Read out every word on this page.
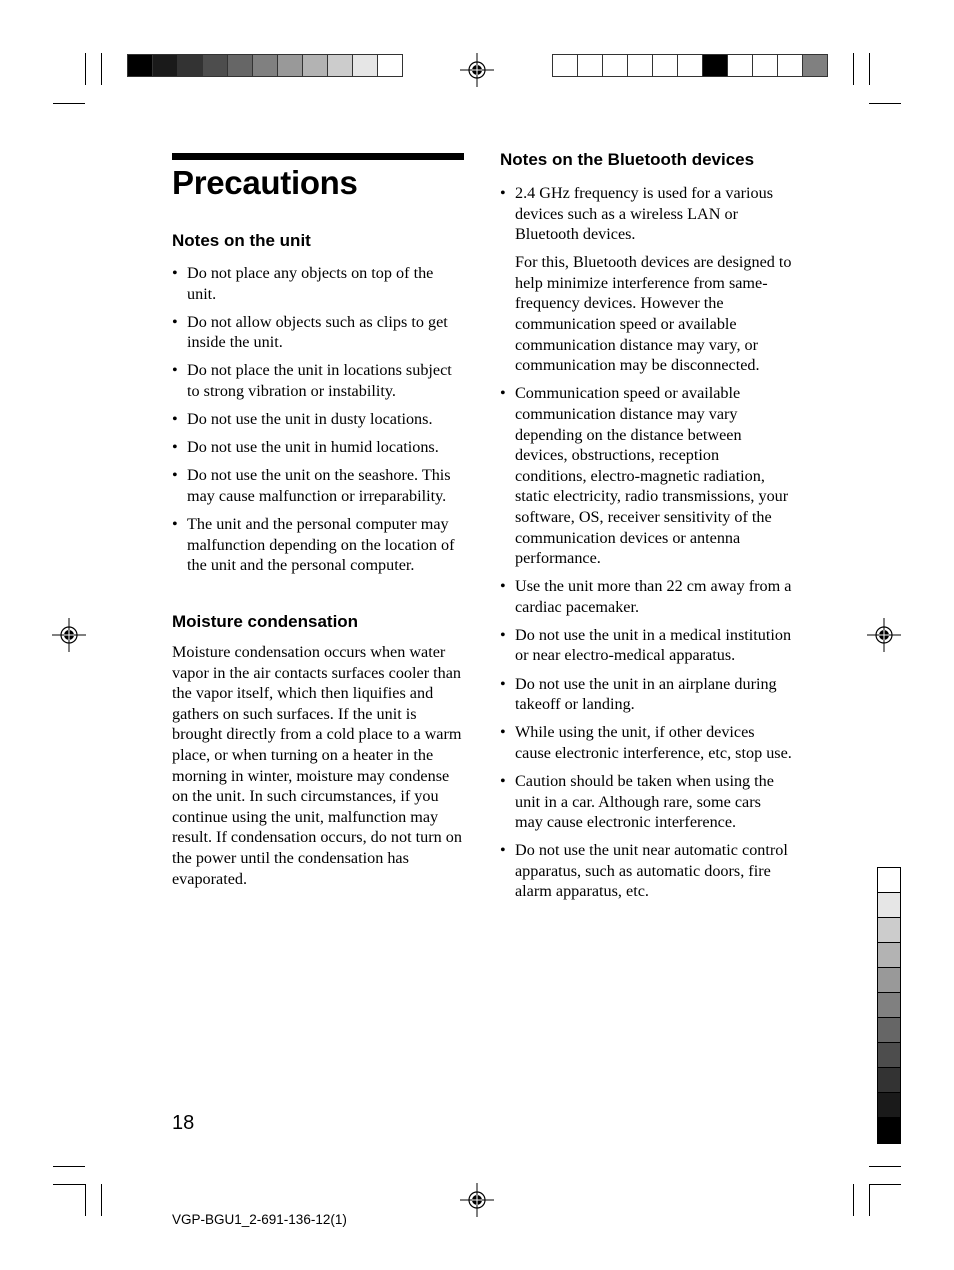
Precautions
Notes on the unit
• Do not place any objects on top of the unit.
• Do not allow objects such as clips to get inside the unit.
• Do not place the unit in locations subject to strong vibration or instability.
• Do not use the unit in dusty locations.
• Do not use the unit in humid locations.
• Do not use the unit on the seashore. This may cause malfunction or irreparability.
• The unit and the personal computer may malfunction depending on the location of the unit and the personal computer.
Moisture condensation

Moisture condensation occurs when water vapor in the air contacts surfaces cooler than the vapor itself, which then liquifies and gathers on such surfaces. If the unit is brought directly from a cold place to a warm place, or when turning on a heater in the morning in winter, moisture may condense on the unit. In such circumstances, if you continue using the unit, malfunction may result. If condensation occurs, do not turn on the power until the condensation has evaporated.

Notes on the Bluetooth devices
• 2.4 GHz frequency is used for a various devices such as a wireless LAN or Bluetooth devices.

For this, Bluetooth devices are designed to help minimize interference from same-frequency devices. However the communication speed or available communication distance may vary, or communication may be disconnected.

• Communication speed or available communication distance may vary depending on the distance between devices, obstructions, reception conditions, electro-magnetic radiation, static electricity, radio transmissions, your software, OS, receiver sensitivity of the communication devices or antenna performance.
• Use the unit more than 22 cm away from a cardiac pacemaker.
• Do not use the unit in a medical institution or near electro-medical apparatus.
• Do not use the unit in an airplane during takeoff or landing.
• While using the unit, if other devices cause electronic interference, etc, stop use.
• Caution should be taken when using the unit in a car. Although rare, some cars may cause electronic interference.
• Do not use the unit near automatic control apparatus, such as automatic doors, fire alarm apparatus, etc.
18
VGP-BGU1_2-691-136-12(1)
